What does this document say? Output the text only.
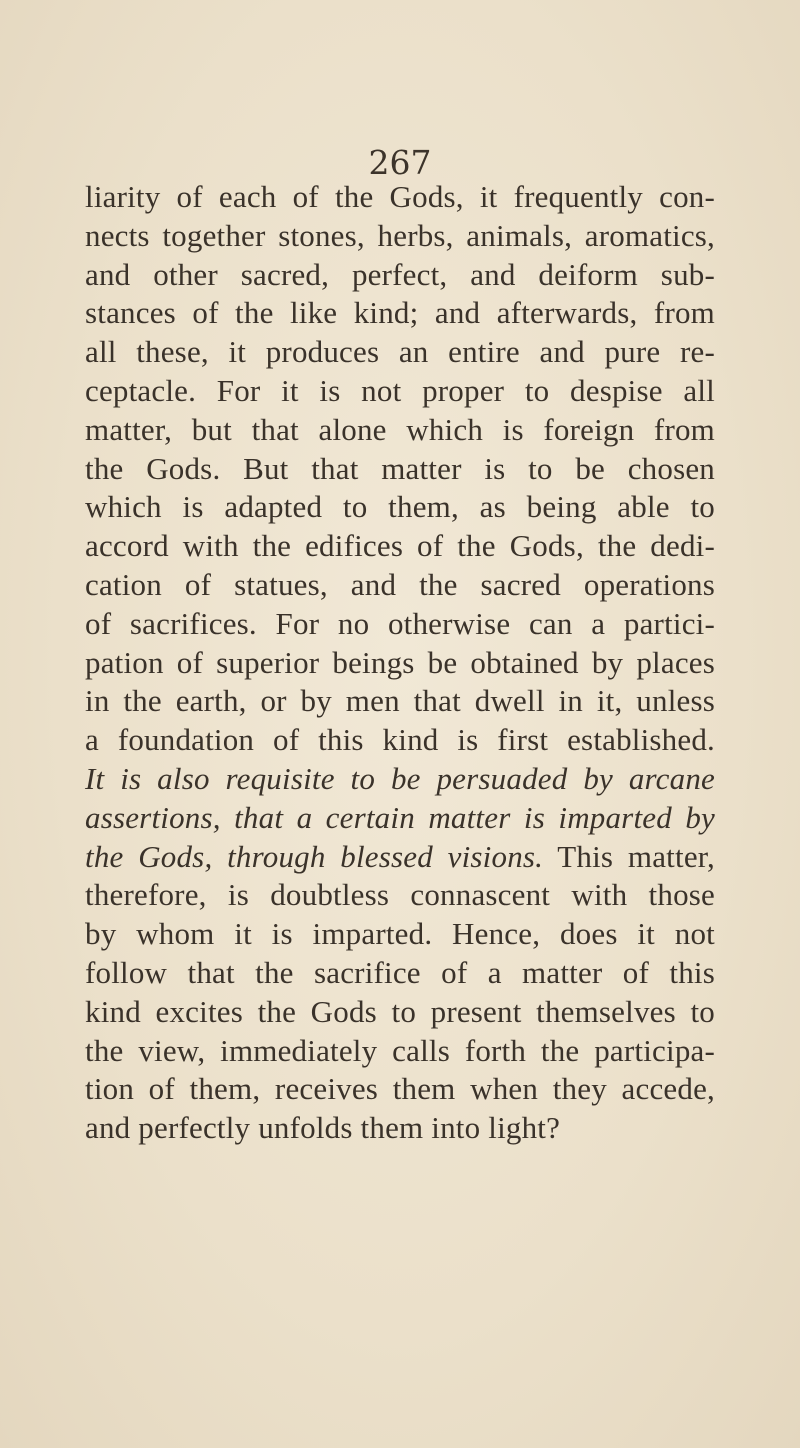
267
liarity of each of the Gods, it frequently con-
nects together stones, herbs, animals, aromatics,
and other sacred, perfect, and deiform sub-
stances of the like kind; and afterwards, from
all these, it produces an entire and pure re-
ceptacle. For it is not proper to despise all
matter, but that alone which is foreign from
the Gods. But that matter is to be chosen
which is adapted to them, as being able to
accord with the edifices of the Gods, the dedi-
cation of statues, and the sacred operations
of sacrifices. For no otherwise can a partici-
pation of superior beings be obtained by places
in the earth, or by men that dwell in it, unless
a foundation of this kind is first established.
It is also requisite to be persuaded by arcane
assertions, that a certain matter is imparted by
the Gods, through blessed visions. This matter,
therefore, is doubtless connascent with those
by whom it is imparted. Hence, does it not
follow that the sacrifice of a matter of this
kind excites the Gods to present themselves to
the view, immediately calls forth the participa-
tion of them, receives them when they accede,
and perfectly unfolds them into light?
